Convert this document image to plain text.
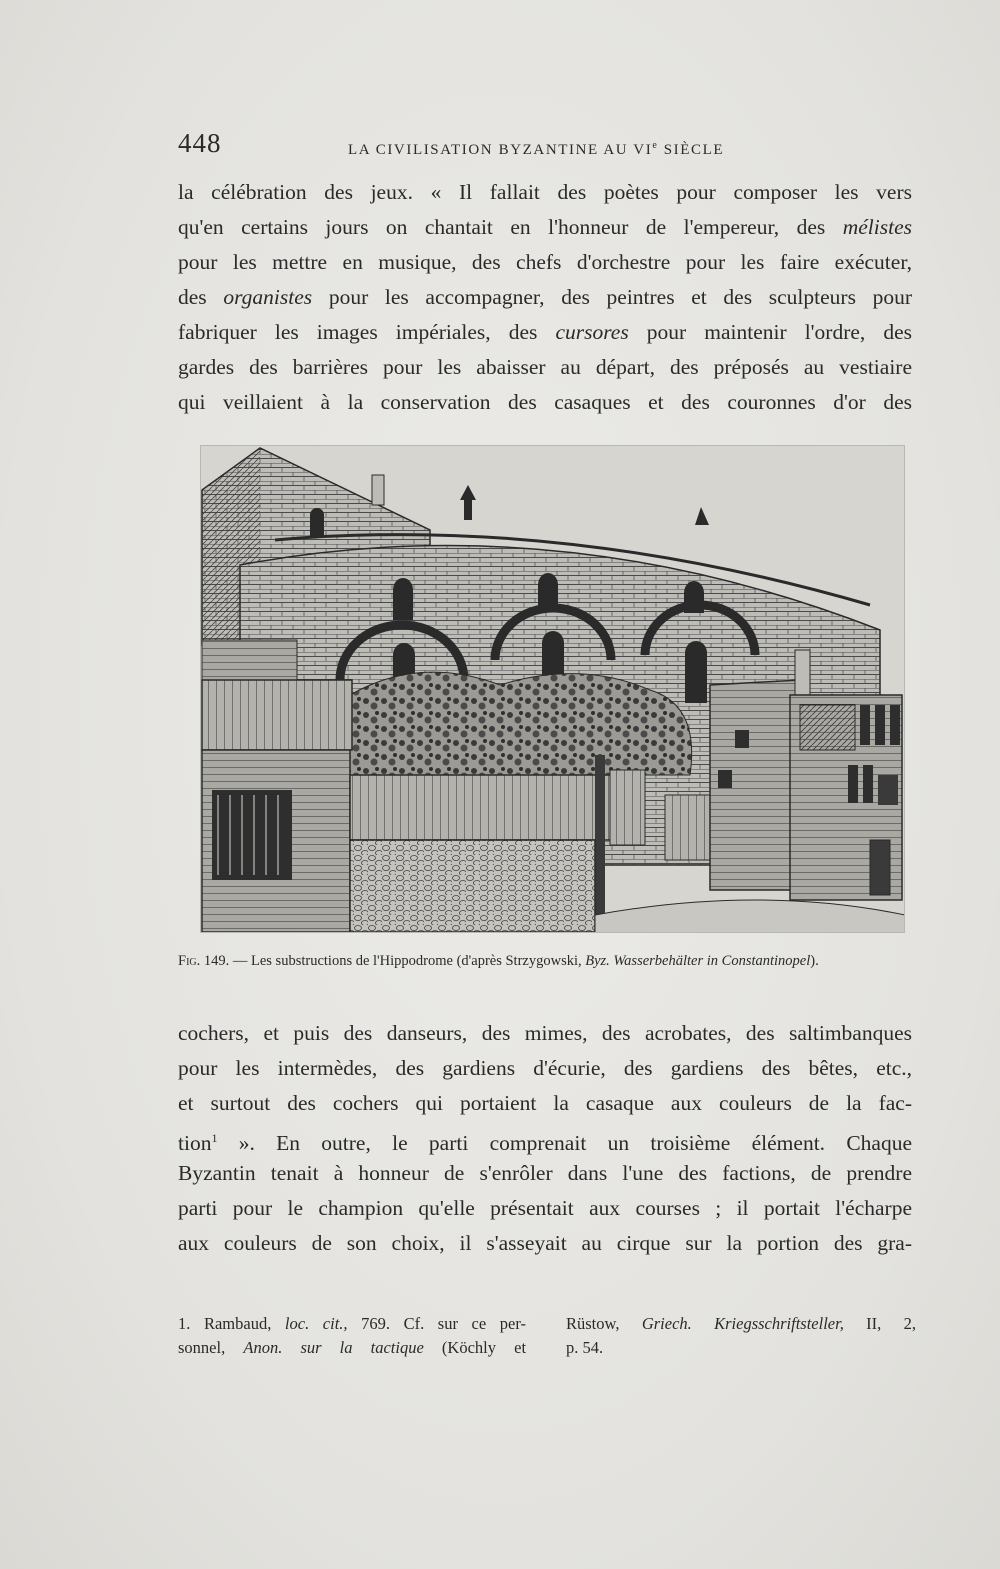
448	LA CIVILISATION BYZANTINE AU VIe SIÈCLE
la célébration des jeux. « Il fallait des poètes pour composer les vers
qu'en certains jours on chantait en l'honneur de l'empereur, des mélistes
pour les mettre en musique, des chefs d'orchestre pour les faire exécuter,
des organistes pour les accompagner, des peintres et des sculpteurs pour
fabriquer les images impériales, des cursores pour maintenir l'ordre, des
gardes des barrières pour les abaisser au départ, des préposés au vestiaire
qui veillaient à la conservation des casaques et des couronnes d'or des
Fig. 149. — Les substructions de l'Hippodrome (d'après Strzygowski, Byz. Wasserbehälter in Constantinopel).
cochers, et puis des danseurs, des mimes, des acrobates, des saltimbanques
pour les intermèdes, des gardiens d'écurie, des gardiens des bêtes, etc.,
et surtout des cochers qui portaient la casaque aux couleurs de la fac-
tion$^1$ ». En outre, le parti comprenait un troisième élément. Chaque
Byzantin tenait à honneur de s'enrôler dans l'une des factions, de prendre
parti pour le champion qu'elle présentait aux courses ; il portait l'écharpe
aux couleurs de son choix, il s'asseyait au cirque sur la portion des gra-
1. Rambaud, loc. cit., 769. Cf. sur ce per-
sonnel, Anon. sur la tactique (Köchly et
Rüstow, Griech. Kriegsschriftsteller, II, 2,
p. 54.
